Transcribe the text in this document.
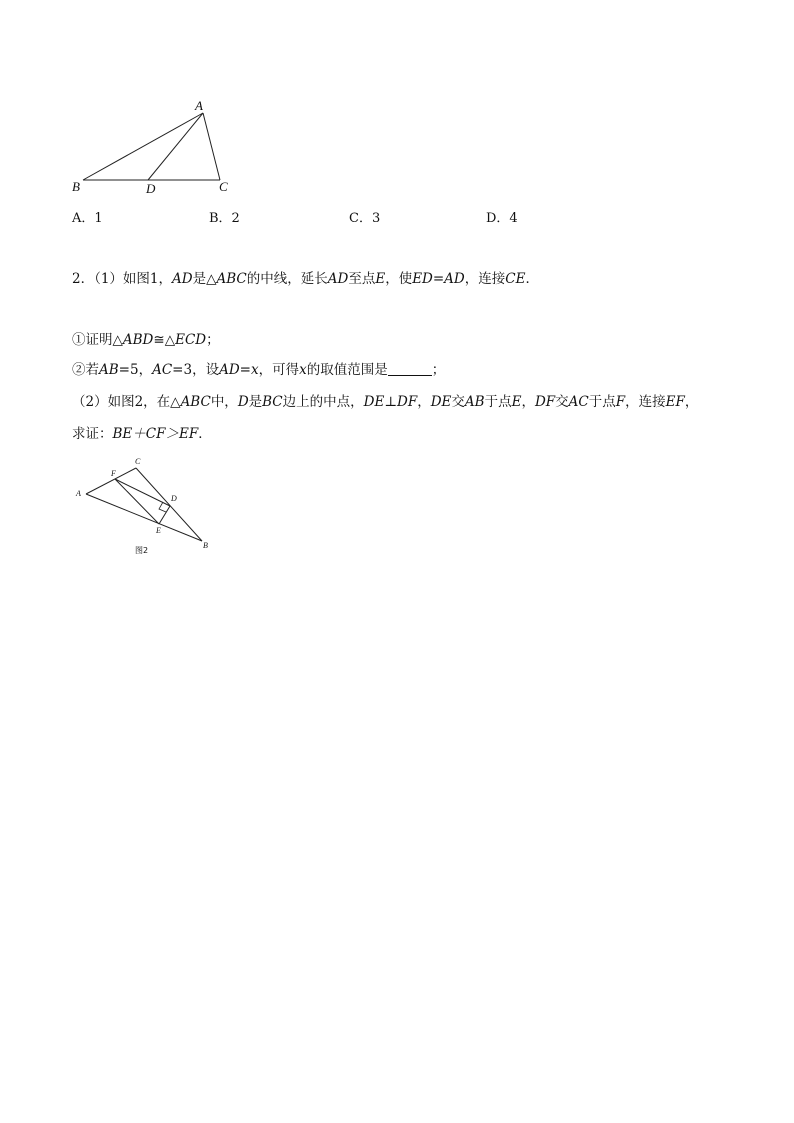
A
B	D	C
A．1	B．2	C．3	D．4
2．（1）如图1，AD是△ABC的中线，延长AD至点E，使ED=AD，连接CE．
①证明△ABD≅△ECD；
②若AB=5，AC=3，设AD=x，可得x的取值范围是	；
（2）如图2，在△ABC中，D是BC边上的中点，DE⊥DF，DE交AB于点E，DF交AC于点F，连接EF，
求证：BE＋CF＞EF．
A
B
C
D
E
F
图2
